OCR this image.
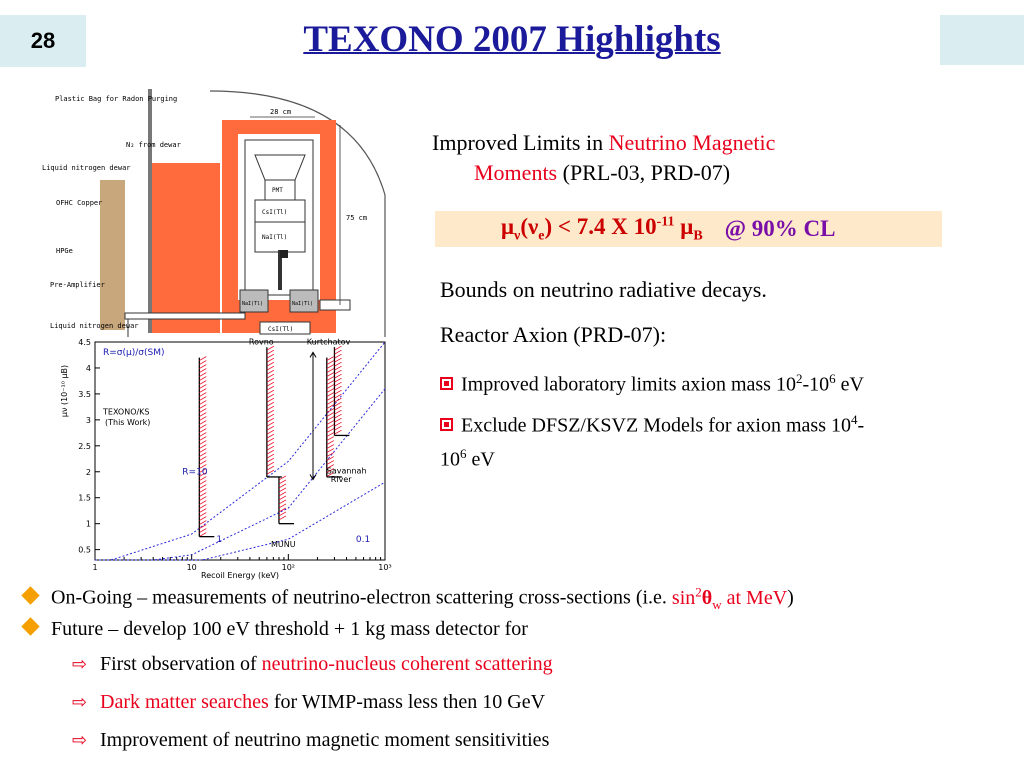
28	TEXONO 2007 Highlights
28 cm
75 cm
Plastic Bag for Radon Purging
N₂ from dewar
Liquid nitrogen dewar
OFHC Copper
HPGe
Pre-Amplifier
Liquid nitrogen dewar
PMT
CsI(Tl)
NaI(Tl)
NaI(Tl)	NaI(Tl)
CsI(Tl)
0.5
1
1.5
2
2.5
3
3.5
4
4.5
1	10	10²	10³
μν (10⁻¹⁰ μB)
Recoil Energy (keV)
R=σ(μ)/σ(SM)
TEXONO/KS
(This Work)
Rovno	Kurtchatov
Savannah
River
MUNU
R=10
1	0.1
Improved Limits in Neutrino Magnetic
Moments (PRL-03, PRD-07)
$\mu_\nu(\nu_e) < 7.4$ X $10^{-11}$ $\mu_B$ @ 90% CL
Bounds on neutrino radiative decays.
Reactor Axion (PRD-07):
Improved laboratory limits axion mass $10^2-10^6$ eV
Exclude DFSZ/KSVZ Models for axion mass $10^4-$
$10^6$ eV
On-Going – measurements of neutrino-electron scattering cross-sections (i.e. $\sin^2\theta_w$ at MeV)
Future – develop 100 eV threshold + 1 kg mass detector for
⇨ First observation of neutrino-nucleus coherent scattering
⇨ Dark matter searches for WIMP-mass less then 10 GeV
⇨ Improvement of neutrino magnetic moment sensitivities
